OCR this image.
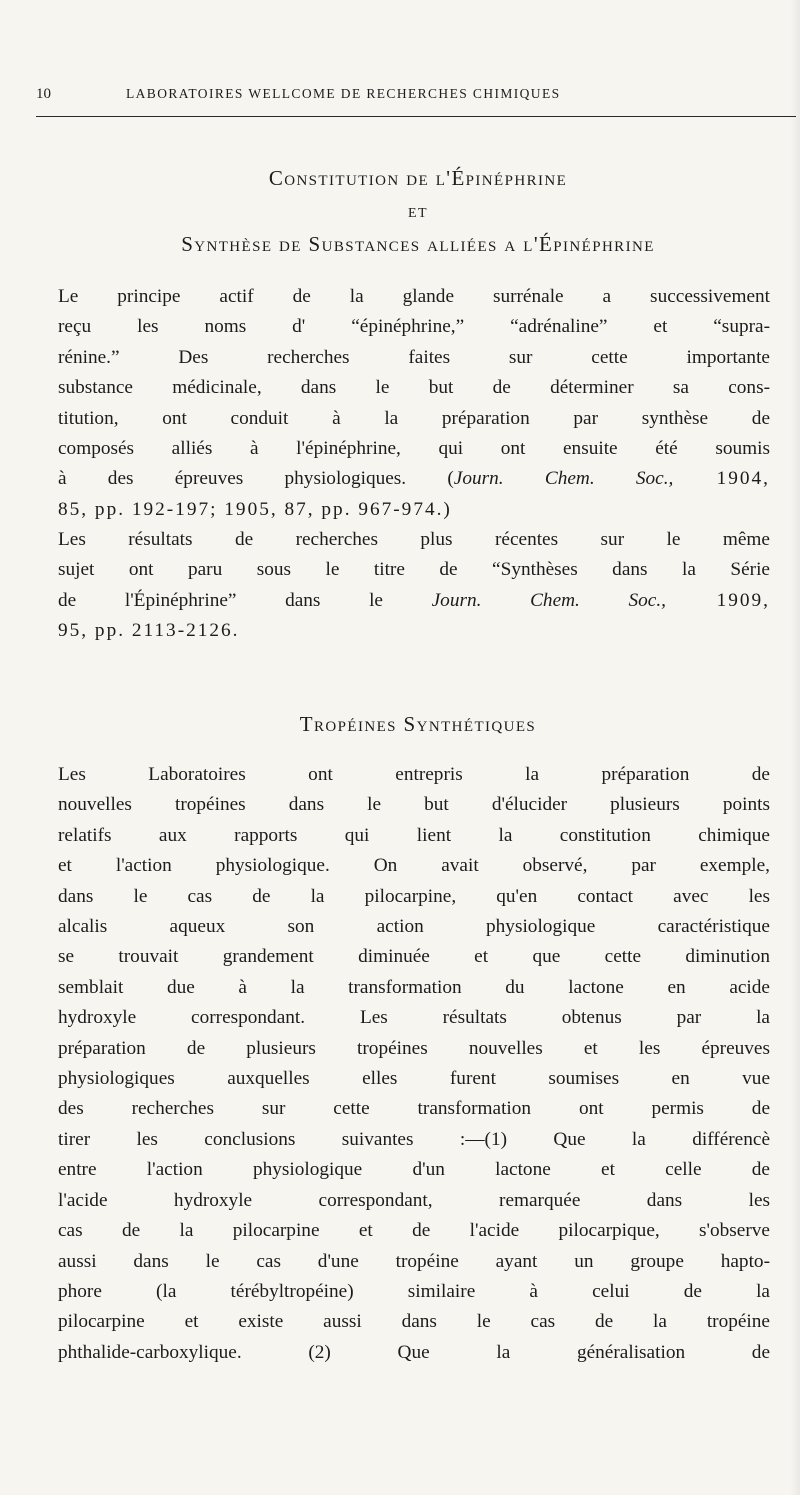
10	LABORATOIRES WELLCOME DE RECHERCHES CHIMIQUES
Constitution de l'Épinéphrine
ET
Synthèse de Substances alliées a l'Épinéphrine
Le principe actif de la glande surrénale a successivement
reçu les noms d' “épinéphrine,” “adrénaline” et “supra-
rénine.” Des recherches faites sur cette importante
substance médicinale, dans le but de déterminer sa cons-
titution, ont conduit à la préparation par synthèse de
composés alliés à l'épinéphrine, qui ont ensuite été soumis
à des épreuves physiologiques. (Journ. Chem. Soc., 1904,
85, pp. 192-197; 1905, 87, pp. 967-974.)
Les résultats de recherches plus récentes sur le même
sujet ont paru sous le titre de “Synthèses dans la Série
de l'Épinéphrine” dans le Journ. Chem. Soc., 1909,
95, pp. 2113-2126.
Tropéines Synthétiques
Les Laboratoires ont entrepris la préparation de
nouvelles tropéines dans le but d'élucider plusieurs points
relatifs aux rapports qui lient la constitution chimique
et l'action physiologique. On avait observé, par exemple,
dans le cas de la pilocarpine, qu'en contact avec les
alcalis aqueux son action physiologique caractéristique
se trouvait grandement diminuée et que cette diminution
semblait due à la transformation du lactone en acide
hydroxyle correspondant. Les résultats obtenus par la
préparation de plusieurs tropéines nouvelles et les épreuves
physiologiques auxquelles elles furent soumises en vue
des recherches sur cette transformation ont permis de
tirer les conclusions suivantes :—(1) Que la différencè
entre l'action physiologique d'un lactone et celle de
l'acide hydroxyle correspondant, remarquée dans les
cas de la pilocarpine et de l'acide pilocarpique, s'observe
aussi dans le cas d'une tropéine ayant un groupe hapto-
phore (la térébyltropéine) similaire à celui de la
pilocarpine et existe aussi dans le cas de la tropéine
phthalide-carboxylique. (2) Que la généralisation de
